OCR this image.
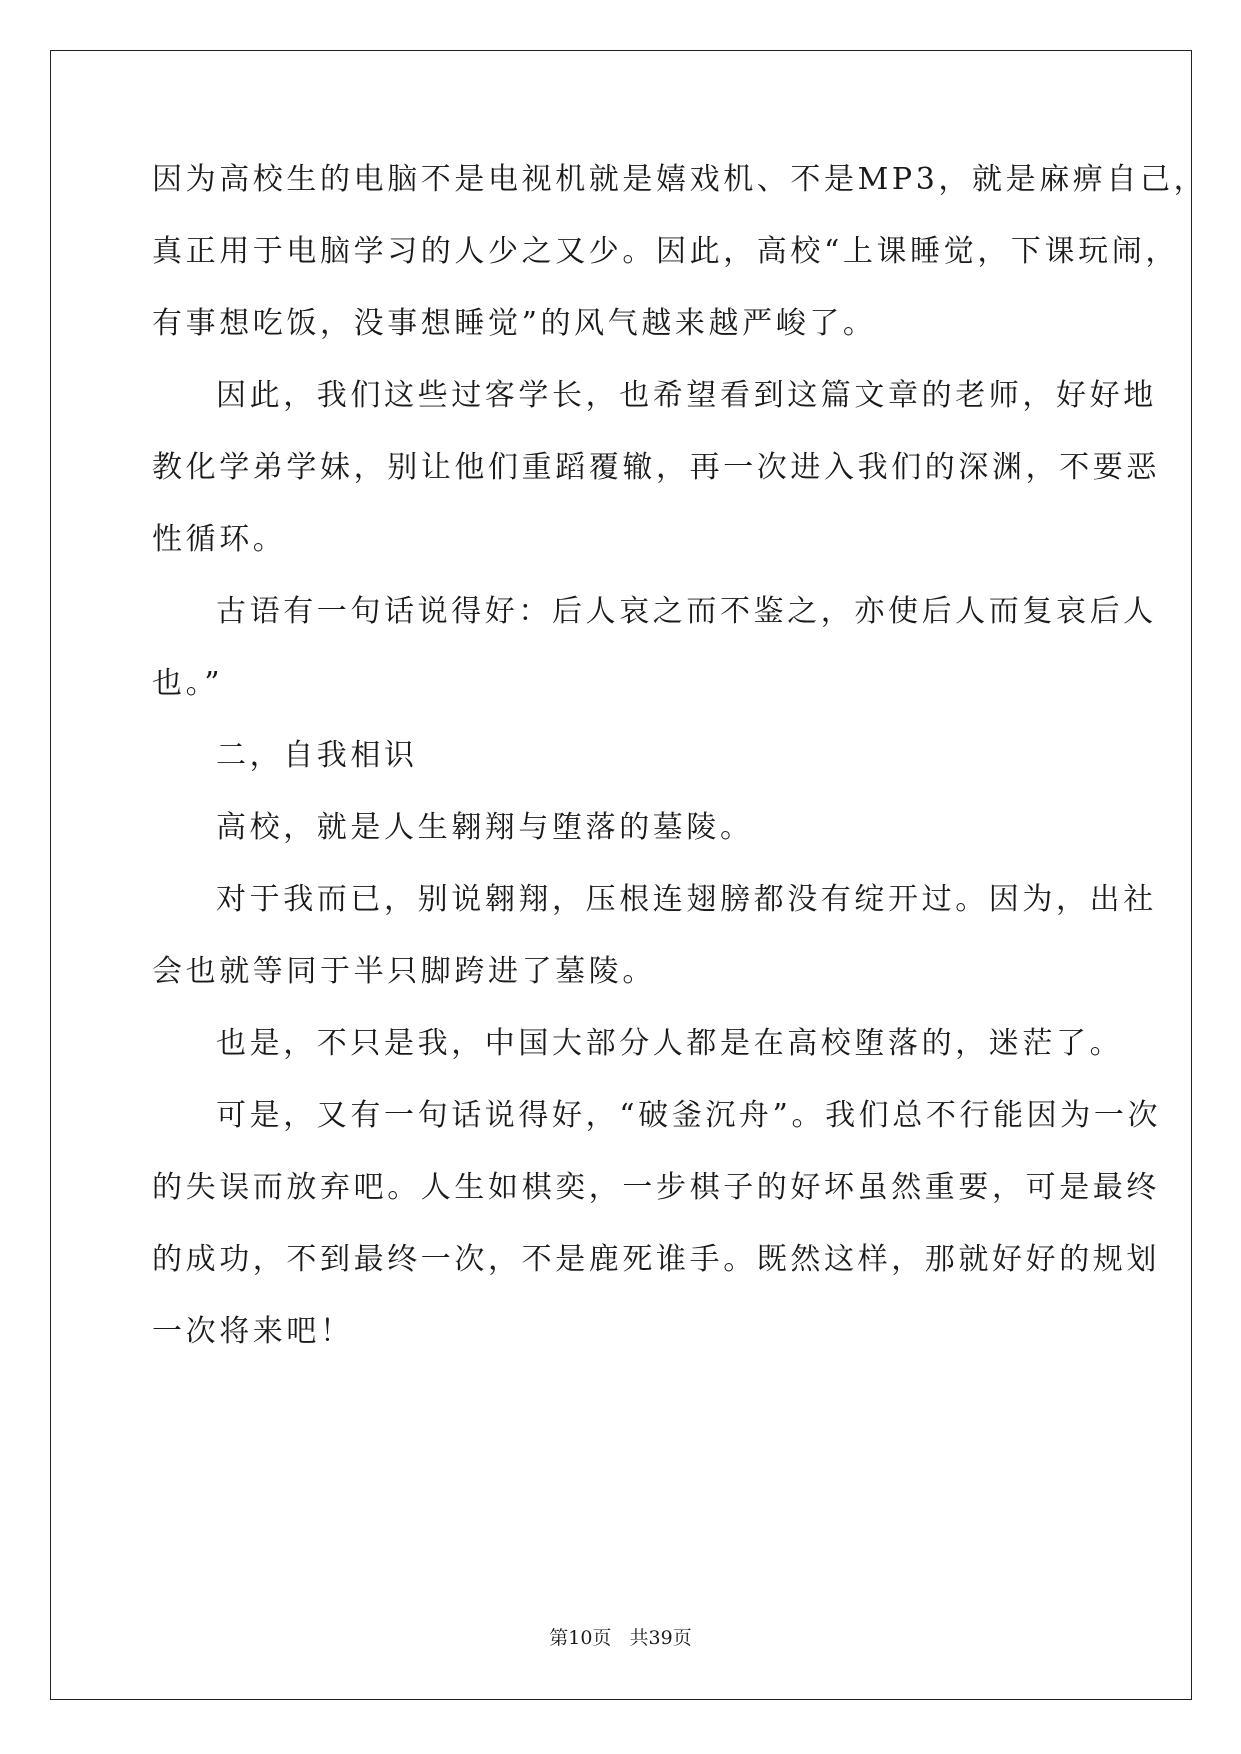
因为高校生的电脑不是电视机就是嬉戏机、不是MP3，就是麻痹自己，
真正用于电脑学习的人少之又少。因此，高校“上课睡觉，下课玩闹，
有事想吃饭，没事想睡觉”的风气越来越严峻了。
因此，我们这些过客学长，也希望看到这篇文章的老师，好好地
教化学弟学妹，别让他们重蹈覆辙，再一次进入我们的深渊，不要恶
性循环。
古语有一句话说得好：后人哀之而不鉴之，亦使后人而复哀后人
也。”
二，自我相识
高校，就是人生翱翔与堕落的墓陵。
对于我而已，别说翱翔，压根连翅膀都没有绽开过。因为，出社
会也就等同于半只脚跨进了墓陵。
也是，不只是我，中国大部分人都是在高校堕落的，迷茫了。
可是，又有一句话说得好，“破釜沉舟”。我们总不行能因为一次
的失误而放弃吧。人生如棋奕，一步棋子的好坏虽然重要，可是最终
的成功，不到最终一次，不是鹿死谁手。既然这样，那就好好的规划
一次将来吧！
第10页   共39页
